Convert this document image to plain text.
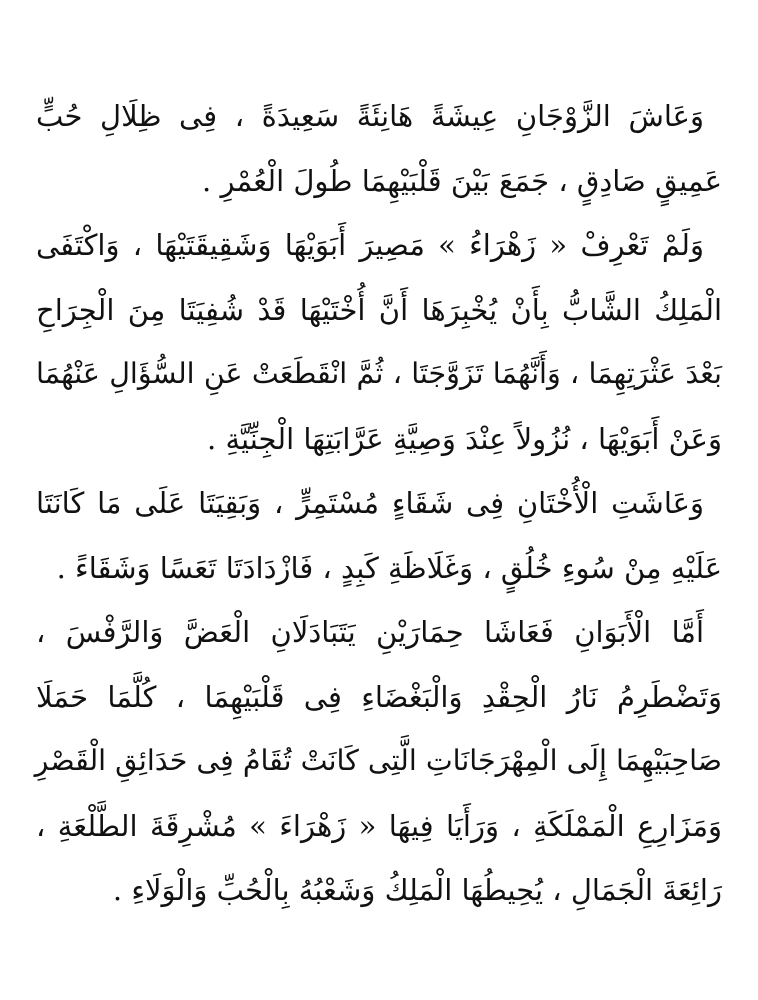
وَعَاشَ الزَّوْجَانِ عِيشَةً هَانِئَةً سَعِيدَةً ، فِى ظِلَالِ حُبٍّ
عَمِيقٍ صَادِقٍ ، جَمَعَ بَيْنَ قَلْبَيْهِمَا طُولَ الْعُمْرِ .
وَلَمْ تَعْرِفْ « زَهْرَاءُ » مَصِيرَ أَبَوَيْهَا وَشَقِيقَتَيْهَا ، وَاكْتَفَى
الْمَلِكُ الشَّابُّ بِأَنْ يُخْبِرَهَا أَنَّ أُخْتَيْهَا قَدْ شُفِيَتَا مِنَ الْجِرَاحِ
بَعْدَ عَثْرَتِهِمَا ، وَأَنَّهُمَا تَزَوَّجَتَا ، ثُمَّ انْقَطَعَتْ عَنِ السُّؤَالِ عَنْهُمَا
وَعَنْ أَبَوَيْهَا ، نُزُولاً عِنْدَ وَصِيَّةِ عَرَّابَتِهَا الْجِنِّيَّةِ .
وَعَاشَتِ الْأُخْتَانِ فِى شَقَاءٍ مُسْتَمِرٍّ ، وَبَقِيَتَا عَلَى مَا كَانَتَا
عَلَيْهِ مِنْ سُوءِ خُلُقٍ ، وَغَلَاظَةِ كَبِدٍ ، فَازْدَادَتَا تَعَسًا وَشَقَاءً .
أَمَّا الْأَبَوَانِ فَعَاشَا حِمَارَيْنِ يَتَبَادَلَانِ الْعَضَّ وَالرَّفْسَ ،
وَتَضْطَرِمُ نَارُ الْحِقْدِ وَالْبَغْضَاءِ فِى قَلْبَيْهِمَا ، كُلَّمَا حَمَلَا
صَاحِبَيْهِمَا إِلَى الْمِهْرَجَانَاتِ الَّتِى كَانَتْ تُقَامُ فِى حَدَائِقِ الْقَصْرِ
وَمَزَارِعِ الْمَمْلَكَةِ ، وَرَأَيَا فِيهَا « زَهْرَاءَ » مُشْرِقَةَ الطَّلْعَةِ ،
رَائِعَةَ الْجَمَالِ ، يُحِيطُهَا الْمَلِكُ وَشَعْبُهُ بِالْحُبِّ وَالْوَلَاءِ .
